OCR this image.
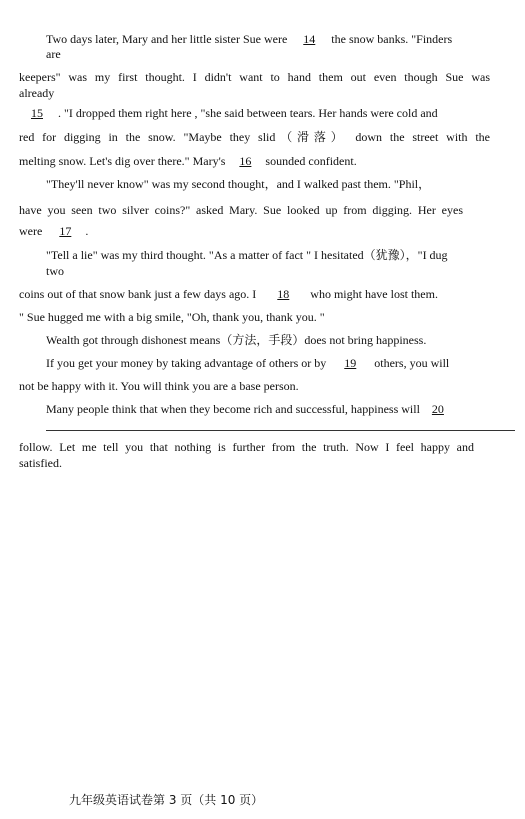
Two days later, Mary and her little sister Sue were 14 the snow banks. "Finders
are
keepers" was my first thought. I didn't want to hand them out even though Sue was
already
15 . "I dropped them right here , "she said between tears. Her hands were cold and
red for digging in the snow. "Maybe they slid（滑落） down the street with the
melting snow. Let's dig over there." Mary's 16 sounded confident.
"They'll never know" was my second thought，and I walked past them. "Phil，
have you seen two silver coins?" asked Mary. Sue looked up from digging. Her eyes
were 17 .
"Tell a lie" was my third thought. "As a matter of fact " I hesitated（犹豫），"I dug
two
coins out of that snow bank just a few days ago. I 18 who might have lost them.
" Sue hugged me with a big smile, "Oh, thank you, thank you. "
Wealth got through dishonest means（方法，手段）does not bring happiness.
If you get your money by taking advantage of others or by 19 others, you will
not be happy with it. You will think you are a base person.
Many people think that when they become rich and successful, happiness will 20
follow. Let me tell you that nothing is further from the truth. Now I feel happy and
satisfied.
九年级英语试卷第 3 页（共 10 页）
